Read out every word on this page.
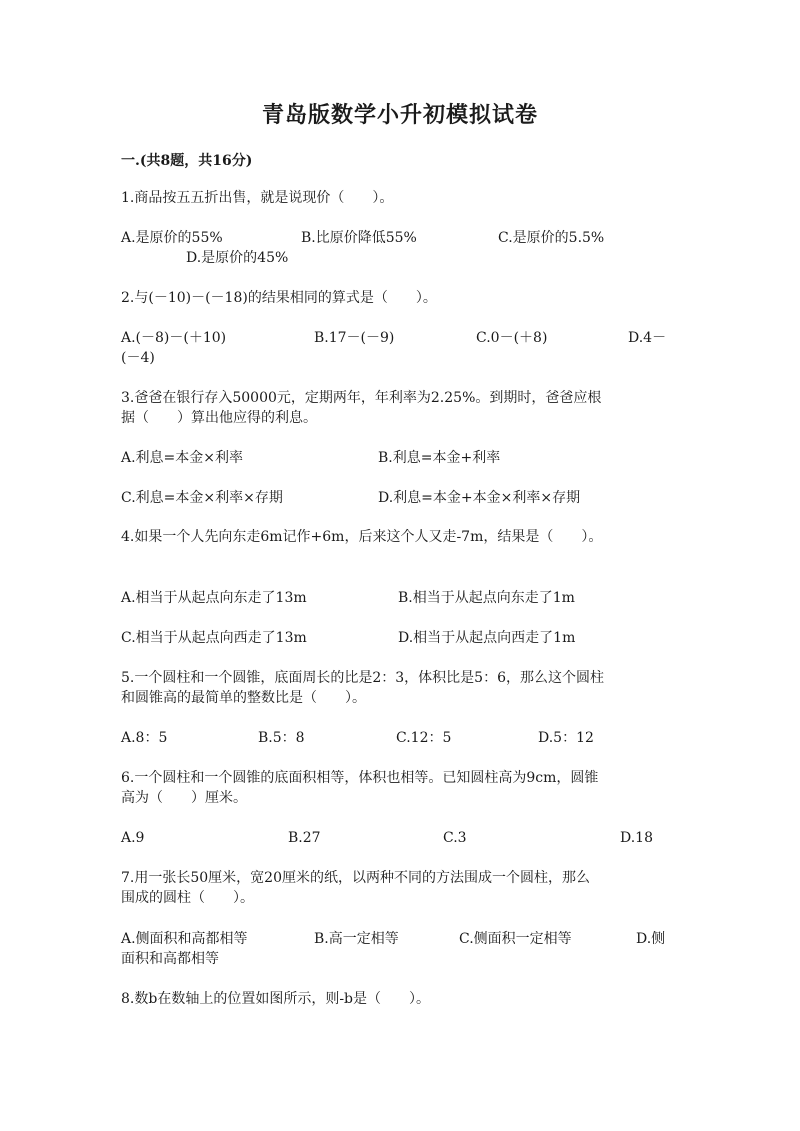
青岛版数学小升初模拟试卷
一.(共8题，共16分)
1.商品按五五折出售，就是说现价（　　）。
A.是原价的55%	B.比原价降低55%	C.是原价的5.5%
D.是原价的45%
2.与(－10)－(－18)的结果相同的算式是（　　）。
A.(－8)－(＋10)	B.17－(－9)	C.0－(＋8)	D.4－
(－4)
3.爸爸在银行存入50000元，定期两年，年利率为2.25%。到期时，爸爸应根
据（　　）算出他应得的利息。
A.利息=本金×利率	B.利息=本金+利率
C.利息=本金×利率×存期	D.利息=本金+本金×利率×存期
4.如果一个人先向东走6m记作+6m，后来这个人又走-7m，结果是（　　）。
A.相当于从起点向东走了13m	B.相当于从起点向东走了1m
C.相当于从起点向西走了13m	D.相当于从起点向西走了1m
5.一个圆柱和一个圆锥，底面周长的比是2：3，体积比是5：6，那么这个圆柱
和圆锥高的最简单的整数比是（　　）。
A.8：5	B.5：8	C.12：5	D.5：12
6.一个圆柱和一个圆锥的底面积相等，体积也相等。已知圆柱高为9cm，圆锥
高为（　　）厘米。
A.9	B.27	C.3	D.18
7.用一张长50厘米，宽20厘米的纸，以两种不同的方法围成一个圆柱，那么
围成的圆柱（　　）。
A.侧面积和高都相等	B.高一定相等	C.侧面积一定相等	D.侧
面积和高都相等
8.数b在数轴上的位置如图所示，则-b是（　　）。
